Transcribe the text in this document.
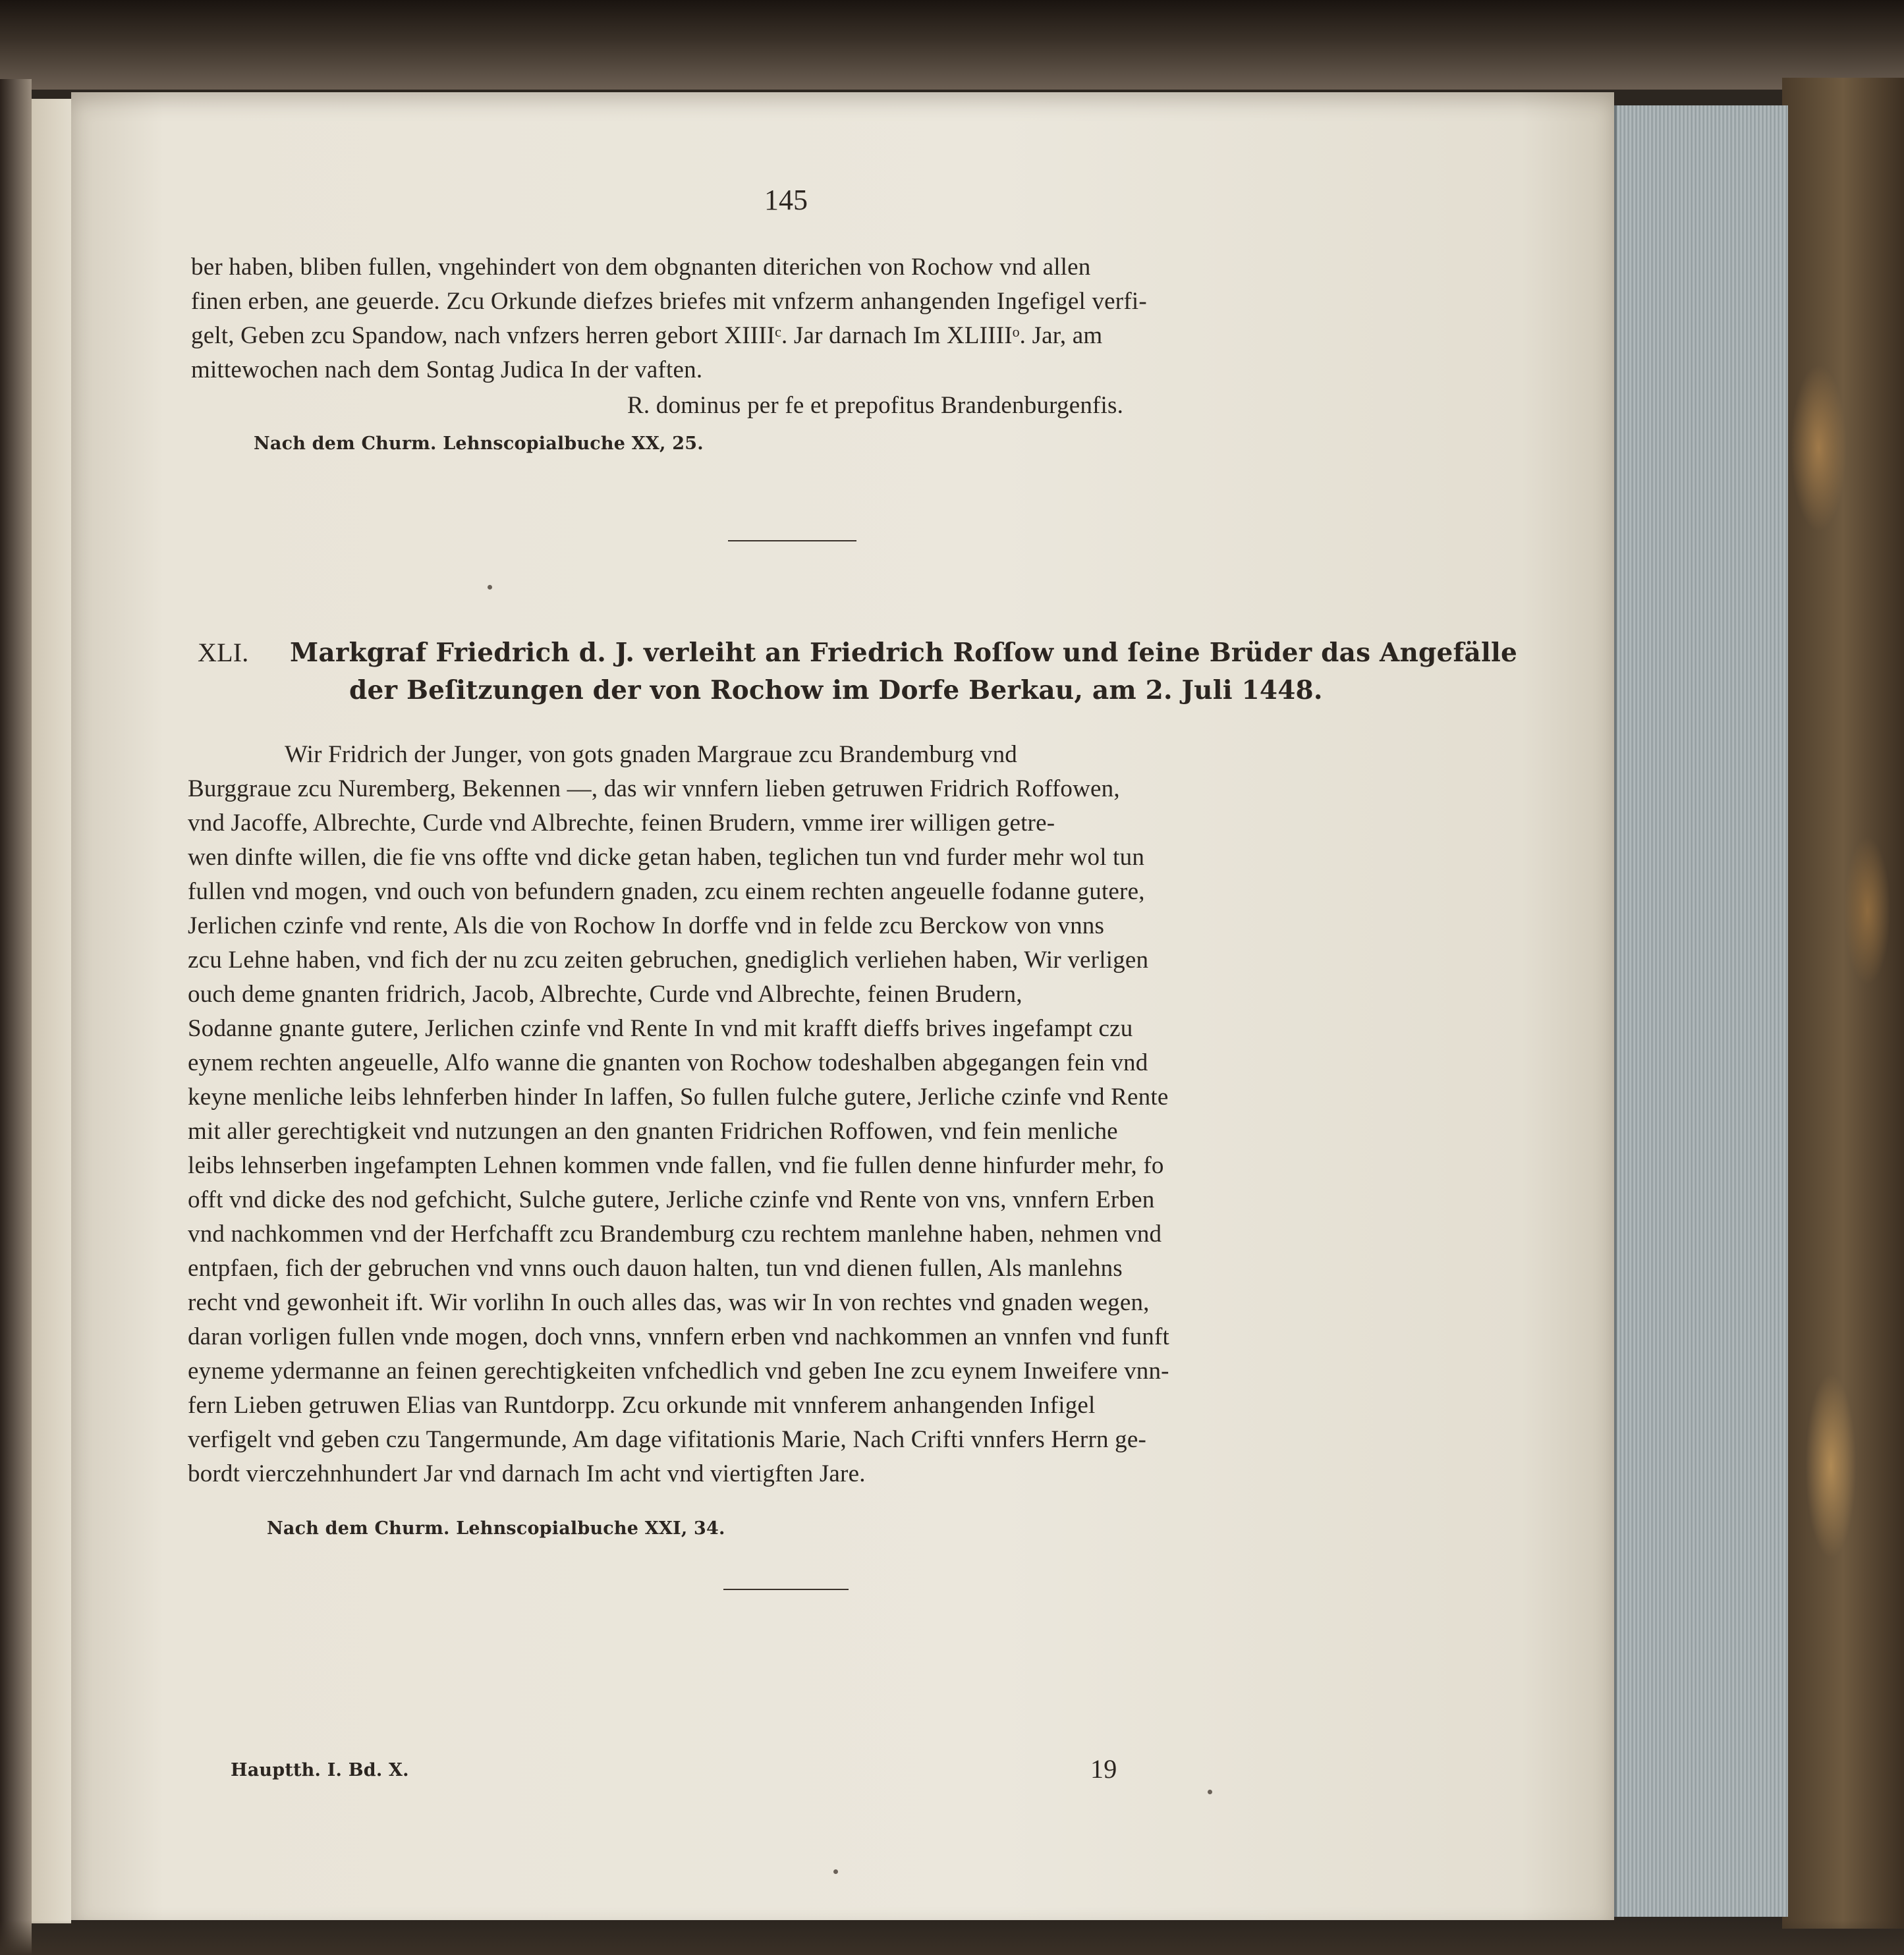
145
ber haben, bliben fullen, vngehindert von dem obgnanten diterichen von Rochow vnd allen
finen erben, ane geuerde. Zcu Orkunde diefzes briefes mit vnfzerm anhangenden Ingefigel verfi-
gelt, Geben zcu Spandow, nach vnfzers herren gebort XIIIIᶜ. Jar darnach Im XLIIIIᵒ. Jar, am
mittewochen nach dem Sontag Judica In der vaften.
R. dominus per fe et prepofitus Brandenburgenfis.
Nach dem Churm. Lehnscopialbuche XX, 25.
XLI. Markgraf Friedrich d. J. verleiht an Friedrich Roſſow und ſeine Brüder das Angefälle
der Beſitzungen der von Rochow im Dorfe Berkau, am 2. Juli 1448.
Wir Fridrich der Junger, von gots gnaden Margraue zcu Brandemburg vnd
Burggraue zcu Nuremberg, Bekennen —, das wir vnnfern lieben getruwen Fridrich Roffowen,
vnd Jacoffe, Albrechte, Curde vnd Albrechte, feinen Brudern, vmme irer willigen getre-
wen dinfte willen, die fie vns offte vnd dicke getan haben, teglichen tun vnd furder mehr wol tun
fullen vnd mogen, vnd ouch von befundern gnaden, zcu einem rechten angeuelle fodanne gutere,
Jerlichen czinfe vnd rente, Als die von Rochow In dorffe vnd in felde zcu Berckow von vnns
zcu Lehne haben, vnd fich der nu zcu zeiten gebruchen, gnediglich verliehen haben, Wir verligen
ouch deme gnanten fridrich, Jacob, Albrechte, Curde vnd Albrechte, feinen Brudern,
Sodanne gnante gutere, Jerlichen czinfe vnd Rente In vnd mit krafft dieffs brives ingefampt czu
eynem rechten angeuelle, Alfo wanne die gnanten von Rochow todeshalben abgegangen fein vnd
keyne menliche leibs lehnferben hinder In laffen, So fullen fulche gutere, Jerliche czinfe vnd Rente
mit aller gerechtigkeit vnd nutzungen an den gnanten Fridrichen Roffowen, vnd fein menliche
leibs lehnserben ingefampten Lehnen kommen vnde fallen, vnd fie fullen denne hinfurder mehr, fo
offt vnd dicke des nod gefchicht, Sulche gutere, Jerliche czinfe vnd Rente von vns, vnnfern Erben
vnd nachkommen vnd der Herfchafft zcu Brandemburg czu rechtem manlehne haben, nehmen vnd
entpfaen, fich der gebruchen vnd vnns ouch dauon halten, tun vnd dienen fullen, Als manlehns
recht vnd gewonheit ift. Wir vorlihn In ouch alles das, was wir In von rechtes vnd gnaden wegen,
daran vorligen fullen vnde mogen, doch vnns, vnnfern erben vnd nachkommen an vnnfen vnd funft
eyneme ydermanne an feinen gerechtigkeiten vnfchedlich vnd geben Ine zcu eynem Inweifere vnn-
fern Lieben getruwen Elias van Runtdorpp. Zcu orkunde mit vnnferem anhangenden Infigel
verfigelt vnd geben czu Tangermunde, Am dage vifitationis Marie, Nach Crifti vnnfers Herrn ge-
bordt vierczehnhundert Jar vnd darnach Im acht vnd viertigften Jare.
Nach dem Churm. Lehnscopialbuche XXI, 34.
Hauptth. I. Bd. X.	19
